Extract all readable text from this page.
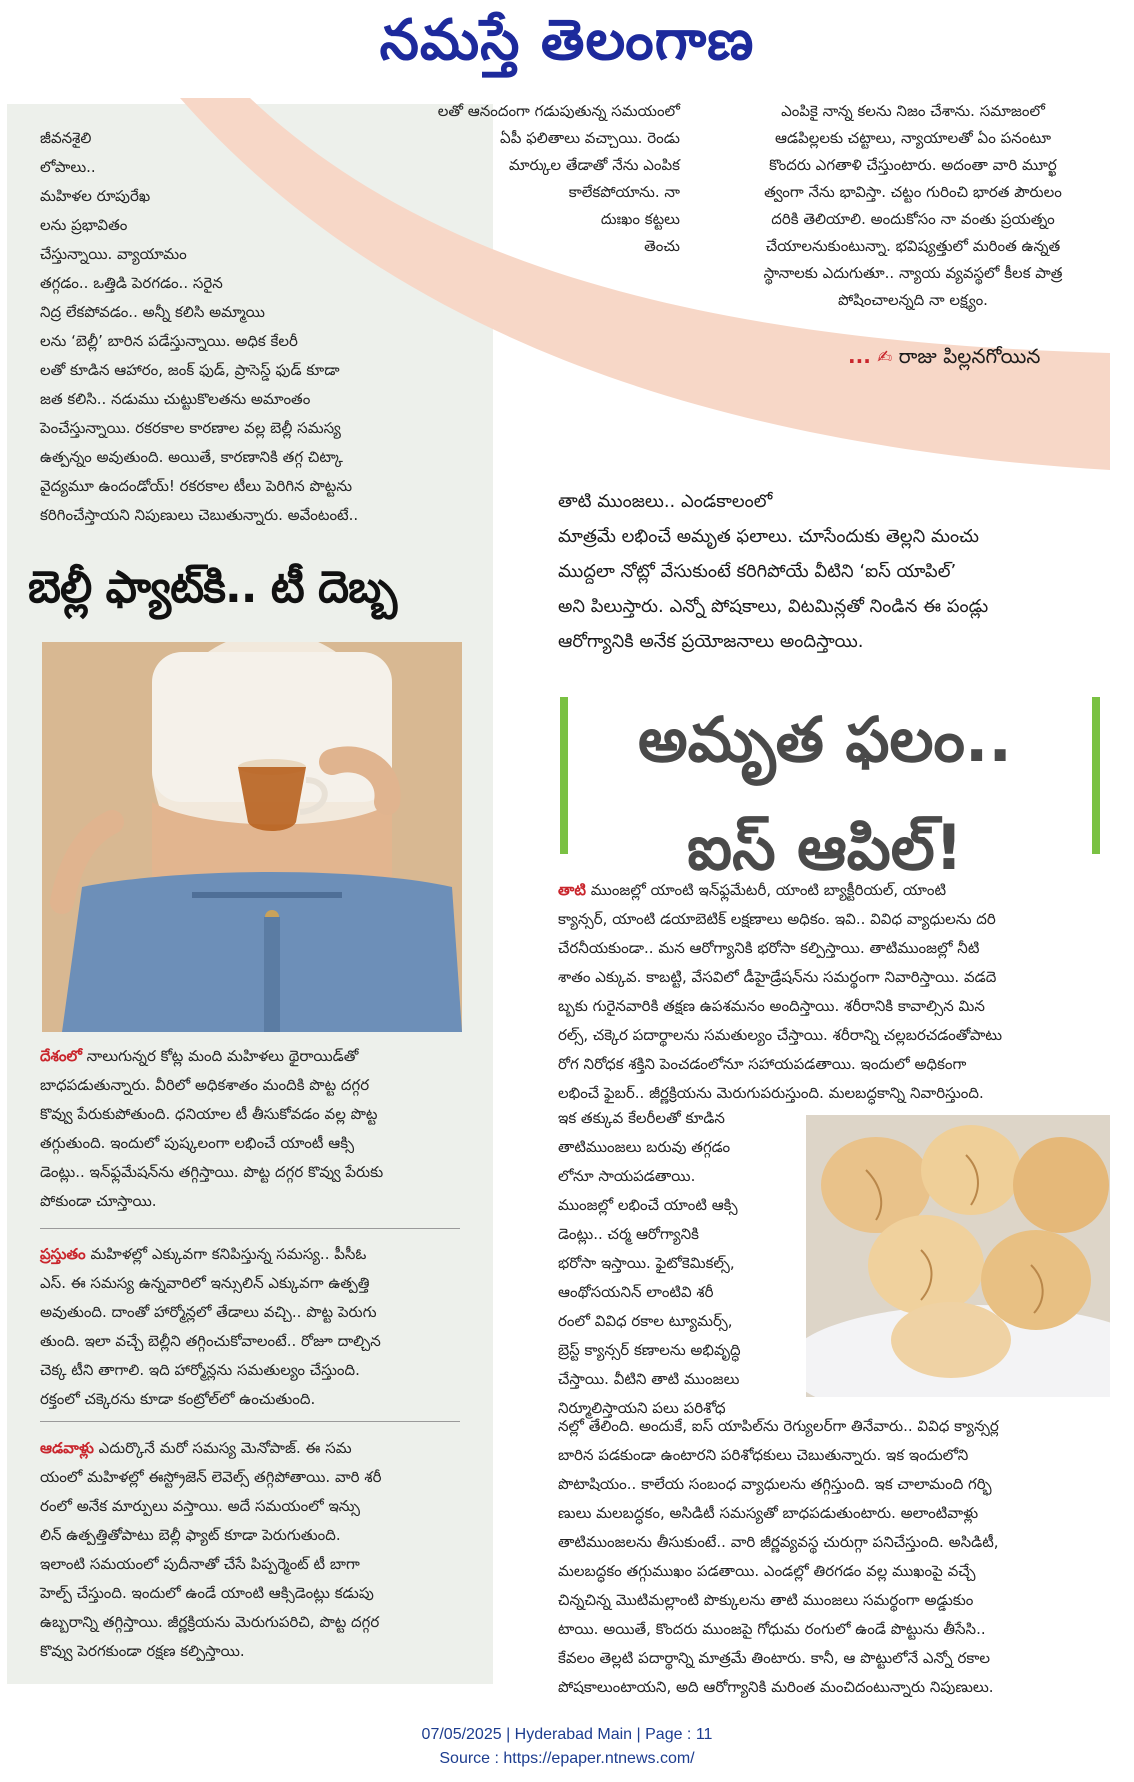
నమస్తే తెలంగాణ
లతో ఆనందంగా గడుపుతున్న సమయంలో
ఏపీ ఫలితాలు వచ్చాయి. రెండు
మార్కుల తేడాతో నేను ఎంపిక
కాలేకపోయాను. నా
దుఃఖం కట్టలు
తెంచు
ఎంపికై నాన్న కలను నిజం చేశాను. సమాజంలో
ఆడపిల్లలకు చట్టాలు, న్యాయాలతో ఏం పనంటూ
కొందరు ఎగతాళి చేస్తుంటారు. అదంతా వారి మూర్ఖ
త్వంగా నేను భావిస్తా. చట్టం గురించి భారత పౌరులం
దరికి తెలియాలి. అందుకోసం నా వంతు ప్రయత్నం
చేయాలనుకుంటున్నా. భవిష్యత్తులో మరింత ఉన్నత
స్థానాలకు ఎదుగుతూ.. న్యాయ వ్యవస్థలో కీలక పాత్ర
పోషించాలన్నది నా లక్ష్యం.
... ✍ రాజు పిల్లనగోయిన
జీవనశైలి
లోపాలు..
మహిళల రూపురేఖ
లను ప్రభావితం
చేస్తున్నాయి. వ్యాయామం
తగ్గడం.. ఒత్తిడి పెరగడం.. సరైన
నిద్ర లేకపోవడం.. అన్నీ కలిసి అమ్మాయి
లను ‘బెల్లీ’ బారిన పడేస్తున్నాయి. అధిక కేలరీ
లతో కూడిన ఆహారం, జంక్ ఫుడ్, ప్రాసెస్డ్ ఫుడ్ కూడా
జత కలిసి.. నడుము చుట్టుకొలతను అమాంతం
పెంచేస్తున్నాయి. రకరకాల కారణాల వల్ల బెల్లీ సమస్య
ఉత్పన్నం అవుతుంది. అయితే, కారణానికి తగ్గ చిట్కా
వైద్యమూ ఉందండోయ్! రకరకాల టీలు పెరిగిన పొట్టను
కరిగించేస్తాయని నిపుణులు చెబుతున్నారు. అవేంటంటే..
బెల్లీ ఫ్యాట్‌కి.. టీ దెబ్బ
దేశంలో నాలుగున్నర కోట్ల మంది మహిళలు థైరాయిడ్‌తో
బాధపడుతున్నారు. వీరిలో అధికశాతం మందికి పొట్ట దగ్గర
కొవ్వు పేరుకుపోతుంది. ధనియాల టీ తీసుకోవడం వల్ల పొట్ట
తగ్గుతుంది. ఇందులో పుష్కలంగా లభించే యాంటీ ఆక్సి
డెంట్లు.. ఇన్‌ఫ్లమేషన్‌ను తగ్గిస్తాయి. పొట్ట దగ్గర కొవ్వు పేరుకు
పోకుండా చూస్తాయి.
ప్రస్తుతం మహిళల్లో ఎక్కువగా కనిపిస్తున్న సమస్య.. పీసీఓ
ఎస్. ఈ సమస్య ఉన్నవారిలో ఇన్సులిన్ ఎక్కువగా ఉత్పత్తి
అవుతుంది. దాంతో హార్మోన్లలో తేడాలు వచ్చి.. పొట్ట పెరుగు
తుంది. ఇలా వచ్చే బెల్లీని తగ్గించుకోవాలంటే.. రోజూ దాల్చిన
చెక్క టీని తాగాలి. ఇది హార్మోన్లను సమతుల్యం చేస్తుంది.
రక్తంలో చక్కెరను కూడా కంట్రోల్‌లో ఉంచుతుంది.
ఆడవాళ్లు ఎదుర్కొనే మరో సమస్య మెనోపాజ్. ఈ సమ
యంలో మహిళల్లో ఈస్ట్రోజెన్ లెవెల్స్ తగ్గిపోతాయి. వారి శరీ
రంలో అనేక మార్పులు వస్తాయి. అదే సమయంలో ఇన్సు
లిన్ ఉత్పత్తితోపాటు బెల్లీ ఫ్యాట్ కూడా పెరుగుతుంది.
ఇలాంటి సమయంలో పుదీనాతో చేసే పిప్పర్మెంట్ టీ బాగా
హెల్ప్ చేస్తుంది. ఇందులో ఉండే యాంటి ఆక్సిడెంట్లు కడుపు
ఉబ్బరాన్ని తగ్గిస్తాయి. జీర్ణక్రియను మెరుగుపరిచి, పొట్ట దగ్గర
కొవ్వు పెరగకుండా రక్షణ కల్పిస్తాయి.
తాటి ముంజలు.. ఎండకాలంలో
మాత్రమే లభించే అమృత ఫలాలు. చూసేందుకు తెల్లని మంచు
ముద్దలా నోట్లో వేసుకుంటే కరిగిపోయే వీటిని ‘ఐస్ యాపిల్’
అని పిలుస్తారు. ఎన్నో పోషకాలు, విటమిన్లతో నిండిన ఈ పండ్లు
ఆరోగ్యానికి అనేక ప్రయోజనాలు అందిస్తాయి.
అమృత ఫలం..
ఐస్ ఆపిల్!
తాటి ముంజల్లో యాంటి ఇన్‌ఫ్లమేటరీ, యాంటి బ్యాక్టీరియల్, యాంటి
క్యాన్సర్, యాంటి డయాబెటిక్ లక్షణాలు అధికం. ఇవి.. వివిధ వ్యాధులను దరి
చేరనీయకుండా.. మన ఆరోగ్యానికి భరోసా కల్పిస్తాయి. తాటిముంజల్లో నీటి
శాతం ఎక్కువ. కాబట్టి, వేసవిలో డీహైడ్రేషన్‌ను సమర్థంగా నివారిస్తాయి. వడదె
బ్బకు గురైనవారికి తక్షణ ఉపశమనం అందిస్తాయి. శరీరానికి కావాల్సిన మిన
రల్స్, చక్కెర పదార్థాలను సమతుల్యం చేస్తాయి. శరీరాన్ని చల్లబరచడంతోపాటు
రోగ నిరోధక శక్తిని పెంచడంలోనూ సహాయపడతాయి. ఇందులో అధికంగా
లభించే ఫైబర్.. జీర్ణక్రియను మెరుగుపరుస్తుంది. మలబద్ధకాన్ని నివారిస్తుంది.
ఇక తక్కువ కేలరీలతో కూడిన
తాటిముంజలు బరువు తగ్గడం
లోనూ సాయపడతాయి.
ముంజల్లో లభించే యాంటి ఆక్సి
డెంట్లు.. చర్మ ఆరోగ్యానికి
భరోసా ఇస్తాయి. ఫైటోకెమికల్స్,
ఆంథోసయనిన్ లాంటివి శరీ
రంలో వివిధ రకాల ట్యూమర్స్,
బ్రెస్ట్ క్యాన్సర్ కణాలను అభివృద్ధి
చేస్తాయి. వీటిని తాటి ముంజలు
నిర్మూలిస్తాయని పలు పరిశోధ
నల్లో తేలింది. అందుకే, ఐస్ యాపిల్‌ను రెగ్యులర్‌గా తినేవారు.. వివిధ క్యాన్సర్ల
బారిన పడకుండా ఉంటారని పరిశోధకులు చెబుతున్నారు. ఇక ఇందులోని
పొటాషియం.. కాలేయ సంబంధ వ్యాధులను తగ్గిస్తుంది. ఇక చాలామంది గర్భి
ణులు మలబద్ధకం, అసిడిటీ సమస్యతో బాధపడుతుంటారు. అలాంటివాళ్లు
తాటిముంజలను తీసుకుంటే.. వారి జీర్ణవ్యవస్థ చురుగ్గా పనిచేస్తుంది. అసిడిటీ,
మలబద్ధకం తగ్గుముఖం పడతాయి. ఎండల్లో తిరగడం వల్ల ముఖంపై వచ్చే
చిన్నచిన్న మొటిమల్లాంటి పొక్కులను తాటి ముంజలు సమర్థంగా అడ్డుకుం
టాయి. అయితే, కొందరు ముంజపై గోధుమ రంగులో ఉండే పొట్టును తీసేసి..
కేవలం తెల్లటి పదార్థాన్ని మాత్రమే తింటారు. కానీ, ఆ పొట్టులోనే ఎన్నో రకాల
పోషకాలుంటాయని, అది ఆరోగ్యానికి మరింత మంచిదంటున్నారు నిపుణులు.
07/05/2025 | Hyderabad Main | Page : 11
Source : https://epaper.ntnews.com/
